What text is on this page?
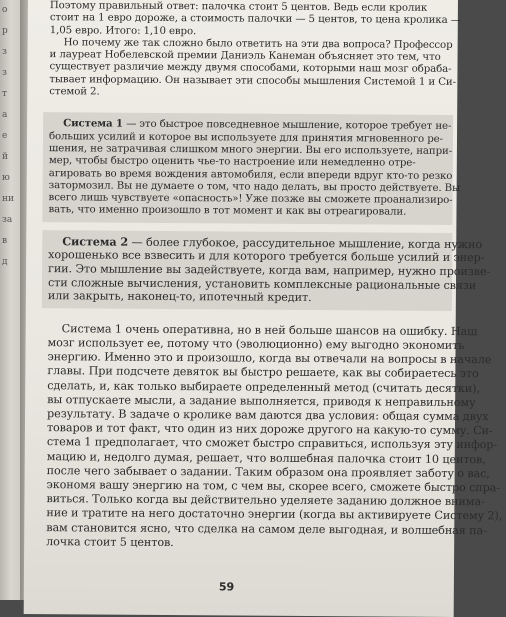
о
р
з
з
т
а
е
й
ю
ни
за
в
д
Поэтому правильный ответ: палочка стоит 5 центов. Ведь если кролик
стоит на 1 евро дороже, а стоимость палочки — 5 центов, то цена кролика —
1,05 евро. Итого: 1,10 евро.
Но почему же так сложно было ответить на эти два вопроса? Профессор
и лауреат Нобелевской премии Даниэль Канеман объясняет это тем, что
существует различие между двумя способами, которыми наш мозг обраба-
тывает информацию. Он называет эти способы мышления Системой 1 и Си-
стемой 2.
Система 1 — это быстрое повседневное мышление, которое требует не-
больших усилий и которое вы используете для принятия мгновенного ре-
шения, не затрачивая слишком много энергии. Вы его используете, напри-
мер, чтобы быстро оценить чье-то настроение или немедленно отре-
агировать во время вождения автомобиля, если впереди вдруг кто-то резко
затормозил. Вы не думаете о том, что надо делать, вы просто действуете. Вы
всего лишь чувствуете «опасность»! Уже позже вы сможете проанализиро-
вать, что именно произошло в тот момент и как вы отреагировали.
Система 2 — более глубокое, рассудительное мышление, когда нужно
хорошенько все взвесить и для которого требуется больше усилий и энер-
гии. Это мышление вы задействуете, когда вам, например, нужно произве-
сти сложные вычисления, установить комплексные рациональные связи
или закрыть, наконец-то, ипотечный кредит.
Система 1 очень оперативна, но в ней больше шансов на ошибку. Наш
мозг использует ее, потому что (эволюционно) ему выгодно экономить
энергию. Именно это и произошло, когда вы отвечали на вопросы в начале
главы. При подсчете девяток вы быстро решаете, как вы собираетесь это
сделать, и, как только выбираете определенный метод (считать десятки),
вы отпускаете мысли, а задание выполняется, приводя к неправильному
результату. В задаче о кролике вам даются два условия: общая сумма двух
товаров и тот факт, что один из них дороже другого на какую-то сумму. Си-
стема 1 предполагает, что сможет быстро справиться, используя эту инфор-
мацию и, недолго думая, решает, что волшебная палочка стоит 10 центов,
после чего забывает о задании. Таким образом она проявляет заботу о вас,
экономя вашу энергию на том, с чем вы, скорее всего, сможете быстро спра-
виться. Только когда вы действительно уделяете заданию должное внима-
ние и тратите на него достаточно энергии (когда вы активируете Систему 2),
вам становится ясно, что сделка на самом деле выгодная, и волшебная па-
лочка стоит 5 центов.
59
